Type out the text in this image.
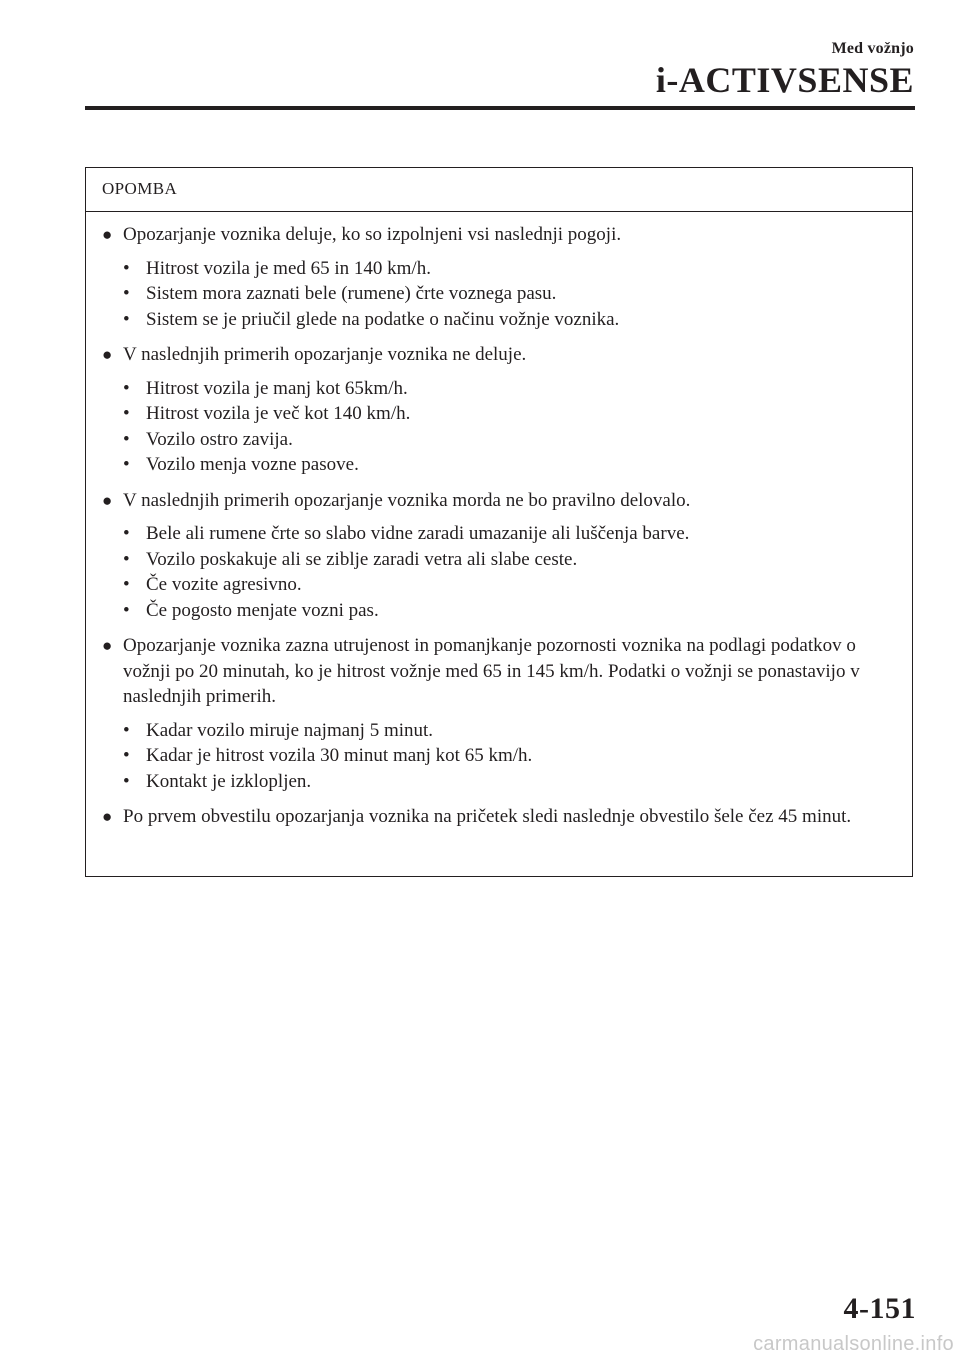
Med vožnjo
i-ACTIVSENSE
OPOMBA
● Opozarjanje voznika deluje, ko so izpolnjeni vsi naslednji pogoji.
• Hitrost vozila je med 65 in 140 km/h.
• Sistem mora zaznati bele (rumene) črte voznega pasu.
• Sistem se je priučil glede na podatke o načinu vožnje voznika.
● V naslednjih primerih opozarjanje voznika ne deluje.
• Hitrost vozila je manj kot 65km/h.
• Hitrost vozila je več kot 140 km/h.
• Vozilo ostro zavija.
• Vozilo menja vozne pasove.
● V naslednjih primerih opozarjanje voznika morda ne bo pravilno delovalo.
• Bele ali rumene črte so slabo vidne zaradi umazanije ali luščenja barve.
• Vozilo poskakuje ali se ziblje zaradi vetra ali slabe ceste.
• Če vozite agresivno.
• Če pogosto menjate vozni pas.
● Opozarjanje voznika zazna utrujenost in pomanjkanje pozornosti voznika na podlagi podatkov o vožnji po 20 minutah, ko je hitrost vožnje med 65 in 145 km/h. Podatki o vožnji se ponastavijo v naslednjih primerih.
• Kadar vozilo miruje najmanj 5 minut.
• Kadar je hitrost vozila 30 minut manj kot 65 km/h.
• Kontakt je izklopljen.
● Po prvem obvestilu opozarjanja voznika na pričetek sledi naslednje obvestilo šele čez 45 minut.
4-151
carmanualsonline.info
